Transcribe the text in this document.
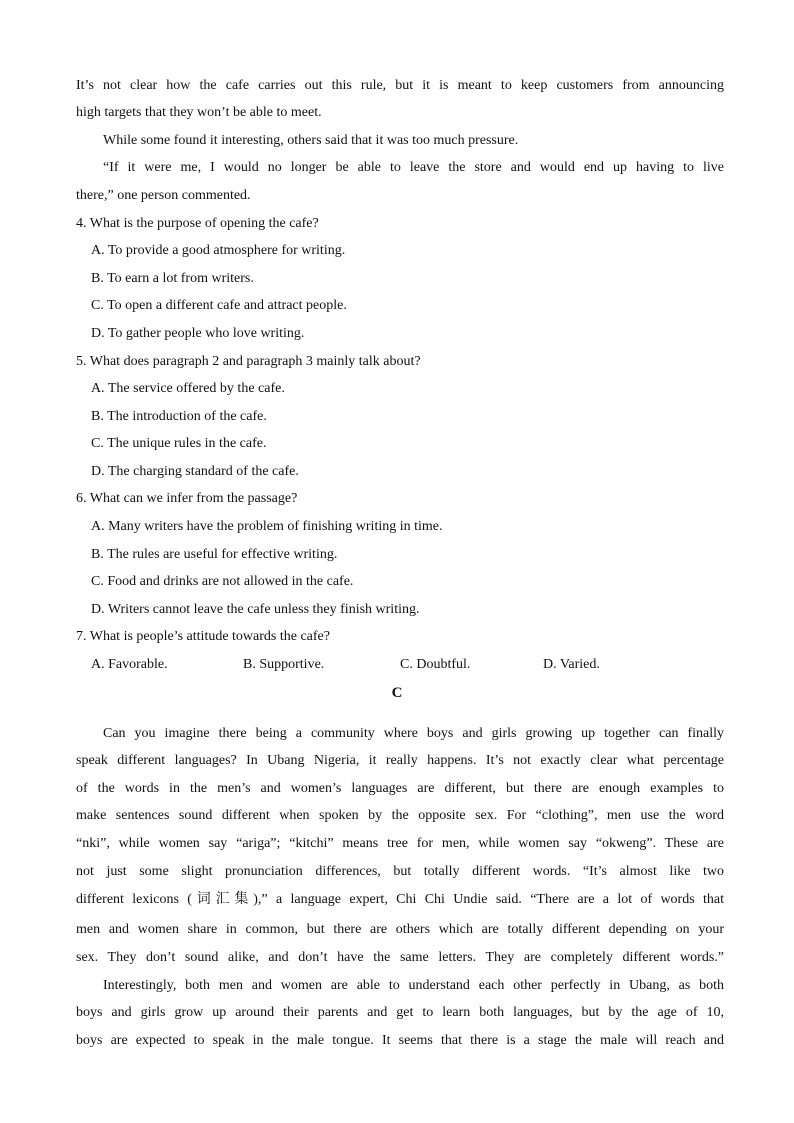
It’s not clear how the cafe carries out this rule, but it is meant to keep customers from announcing
high targets that they won’t be able to meet.
While some found it interesting, others said that it was too much pressure.
“If it were me, I would no longer be able to leave the store and would end up having to live
there,” one person commented.
4. What is the purpose of opening the cafe?
A. To provide a good atmosphere for writing.
B. To earn a lot from writers.
C. To open a different cafe and attract people.
D. To gather people who love writing.
5. What does paragraph 2 and paragraph 3 mainly talk about?
A. The service offered by the cafe.
B. The introduction of the cafe.
C. The unique rules in the cafe.
D. The charging standard of the cafe.
6. What can we infer from the passage?
A. Many writers have the problem of finishing writing in time.
B. The rules are useful for effective writing.
C. Food and drinks are not allowed in the cafe.
D. Writers cannot leave the cafe unless they finish writing.
7. What is people’s attitude towards the cafe?
A. Favorable.	B. Supportive.	C. Doubtful.	D. Varied.
C
Can you imagine there being a community where boys and girls growing up together can finally
speak different languages? In Ubang Nigeria, it really happens. It’s not exactly clear what percentage
of the words in the men’s and women’s languages are different, but there are enough examples to
make sentences sound different when spoken by the opposite sex. For “clothing”, men use the word
“nki”, while women say “ariga”; “kitchi” means tree for men, while women say “okweng”. These are
not just some slight pronunciation differences, but totally different words. “It’s almost like two
different lexicons (词汇集),” a language expert, Chi Chi Undie said. “There are a lot of words that
men and women share in common, but there are others which are totally different depending on your
sex. They don’t sound alike, and don’t have the same letters. They are completely different words.”
Interestingly, both men and women are able to understand each other perfectly in Ubang, as both
boys and girls grow up around their parents and get to learn both languages, but by the age of 10,
boys are expected to speak in the male tongue. It seems that there is a stage the male will reach and
